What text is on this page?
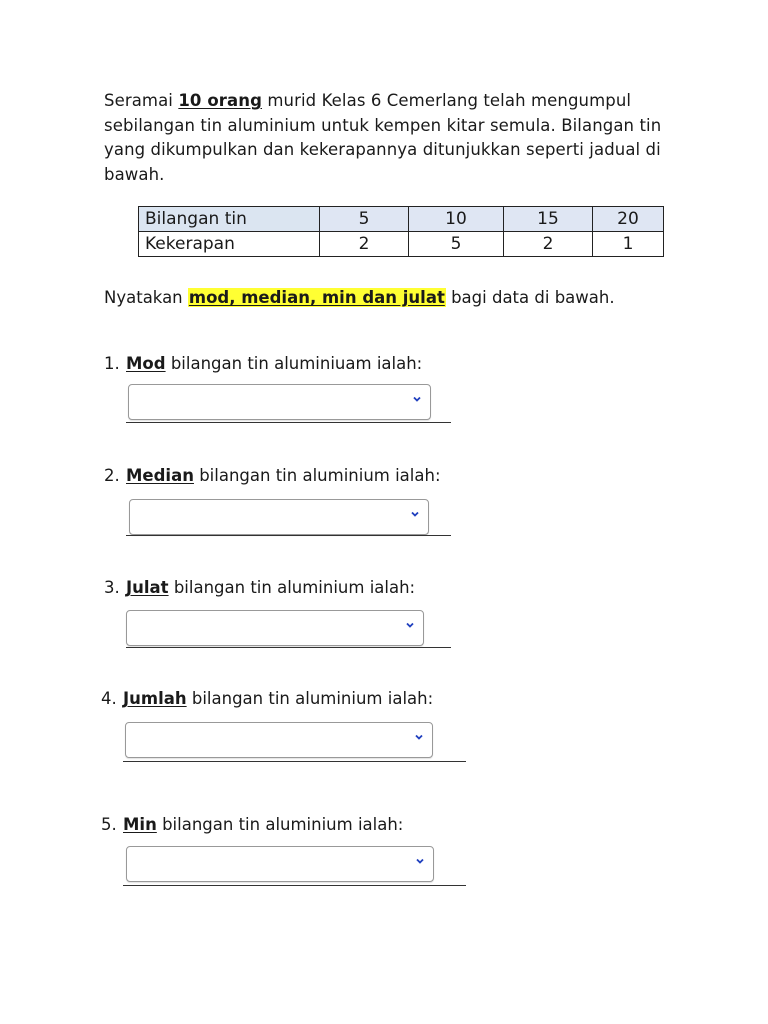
Seramai 10 orang murid Kelas 6 Cemerlang telah mengumpul sebilangan tin aluminium untuk kempen kitar semula. Bilangan tin yang dikumpulkan dan kekerapannya ditunjukkan seperti jadual di bawah.
Bilangan tin	5	10	15	20
Kekerapan	2	5	2	1
Nyatakan mod, median, min dan julat bagi data di bawah.
1. Mod bilangan tin aluminiuam ialah:
2. Median bilangan tin aluminium ialah:
3. Julat bilangan tin aluminium ialah:
4. Jumlah bilangan tin aluminium ialah:
5. Min bilangan tin aluminium ialah:
